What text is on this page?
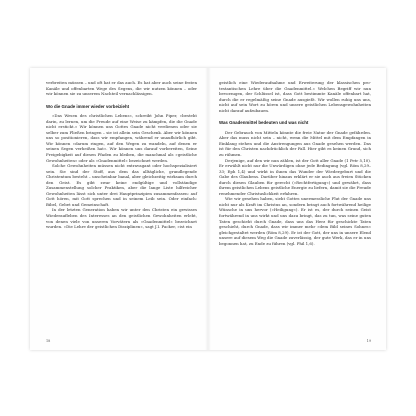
verbreiten müssen – und oft hat er das auch. Es hat aber auch seine festen Kanäle und offenbarten Wege des Segens, die wir nutzen können – oder wir können sie zu unserem Nachteil vernachlässigen.

Wo die Gnade immer wieder vorbeizieht

»Das Wesen des christlichen Lebens«, schreibt John Piper, »besteht darin, zu lernen, um die Freude auf eine Weise zu kämpfen, die die Gnade nicht erstickt.« Wir können uns Gottes Gnade nicht verdienen oder sie selber zum Fließen bringen – sie ist allein sein Geschenk. Aber wir können uns so positionieren, dass wir empfangen, während er unaufhörlich gibt. Wir können »darum ringen, auf den Wegen zu wandeln, auf denen er seinen Segen verheißen hat«. Wir können uns darauf vorbereiten, Seine Freigebigkeit auf diesen Pfaden zu bleiben, die manchmal als »geistliche Gewohnheiten« oder als »Gnadenmittel« bezeichnet werden.

Solche Gewohnheiten müssen nicht extravagant oder hochspezialisiert sein. Sie sind der Stoff, aus dem das alltägliche, grundlegende Christentum besteht – unscheinbar banal, aber gleichzeitig wirksam durch den Geist. Es gibt zwar keine endgültige und vollständige Zusammenstellung solcher Praktiken, aber die lange Liste hilfreicher Gewohnheiten lässt sich unter drei Hauptprinzipien zusammenfassen: auf Gott hören, mit Gott sprechen und in seinem Leib sein. Oder einfach: Bibel, Gebet und Gemeinschaft.

In der letzten Generation haben wir unter den Christen ein gewisses Wiederaufleben des Interesses an den geistlichen Gewohnheiten erlebt, von denen viele von unseren Vorvätern als »Gnadenmittel« bezeichnet wurden. »Die Lehre der geistlichen Disziplinen«, sagt J.I. Packer, »ist ein

18

geistlich eine Wiederaufnahme und Erweiterung der klassischen pro-testantischen Lehre über die Gnadenmittel.« Welchen Begriff wir nun bevorzugen, der Schlüssel ist, dass Gott bestimmte Kanäle offenbart hat, durch die er regelmäßig seine Gnade ausgießt. Wir wollen ruhig uns uns, nicht auf sein Wort zu hören und unsere geistlichen Lebensgewohnheiten nicht darauf aufzubauen.

Was Gnadenmittel bedeuten und was nicht

Der Gebrauch von Mitteln könnte die freie Natur der Gnade gefährden. Aber das muss nicht sein – nicht, wenn die Mittel mit dem Empfangen in Einklang stehen und die Anstrengungen aus Gnade gesehen werden. Das ist für den Christen nachdrücklich der Fall. Hier gibt es keinen Grund, sich zu rühmen.

Derjenige, auf den wir nun zählen, ist der Gott aller Gnade (1 Petr 5,10). Er erwählt nicht nur die Unwürdigen ohne jede Bedingung (vgl. Röm 8,29–33; Eph 1,4) und wirkt in ihnen das Wunder der Wiedergeburt und die Gabe des Glaubens. Darüber hinaus erklärt er sie auch aus freien Stücken durch diesen Glauben für gerecht (»Rechtfertigung«) und gewährt, dass ihrem geistlichen Lebens geistliche Energie zu liefern, damit sie die Freude renehmender Christuslichkeit erfahren.

Wie wir gesehen haben, sieht Gottes unermessliche Flut der Gnade uns nicht nur als Kraft im Christus an, sondern bringt auch fortwährend heilige Wünsche in uns hervor (»Heiligung«). Er ist es, der durch seinen Geist fortwährend in uns wirkt und uns dazu bringt, das zu tun, was seine guten Taten geschieht durch Gnade, dass uns das Herz für geschickte Taten geschieht, durch Gnade, dass wir immer mehr »dem Bild seines Sohnes« gleichgestaltet werden (Röm 8,29). Er ist der Gott, der uns in unsere Elend unsere auf diesem Weg die Gnade zuverlässig, der gute Werk, das er in uns begonnen hat, zu Ende zu führen (vgl. Phil 1,6).

19
